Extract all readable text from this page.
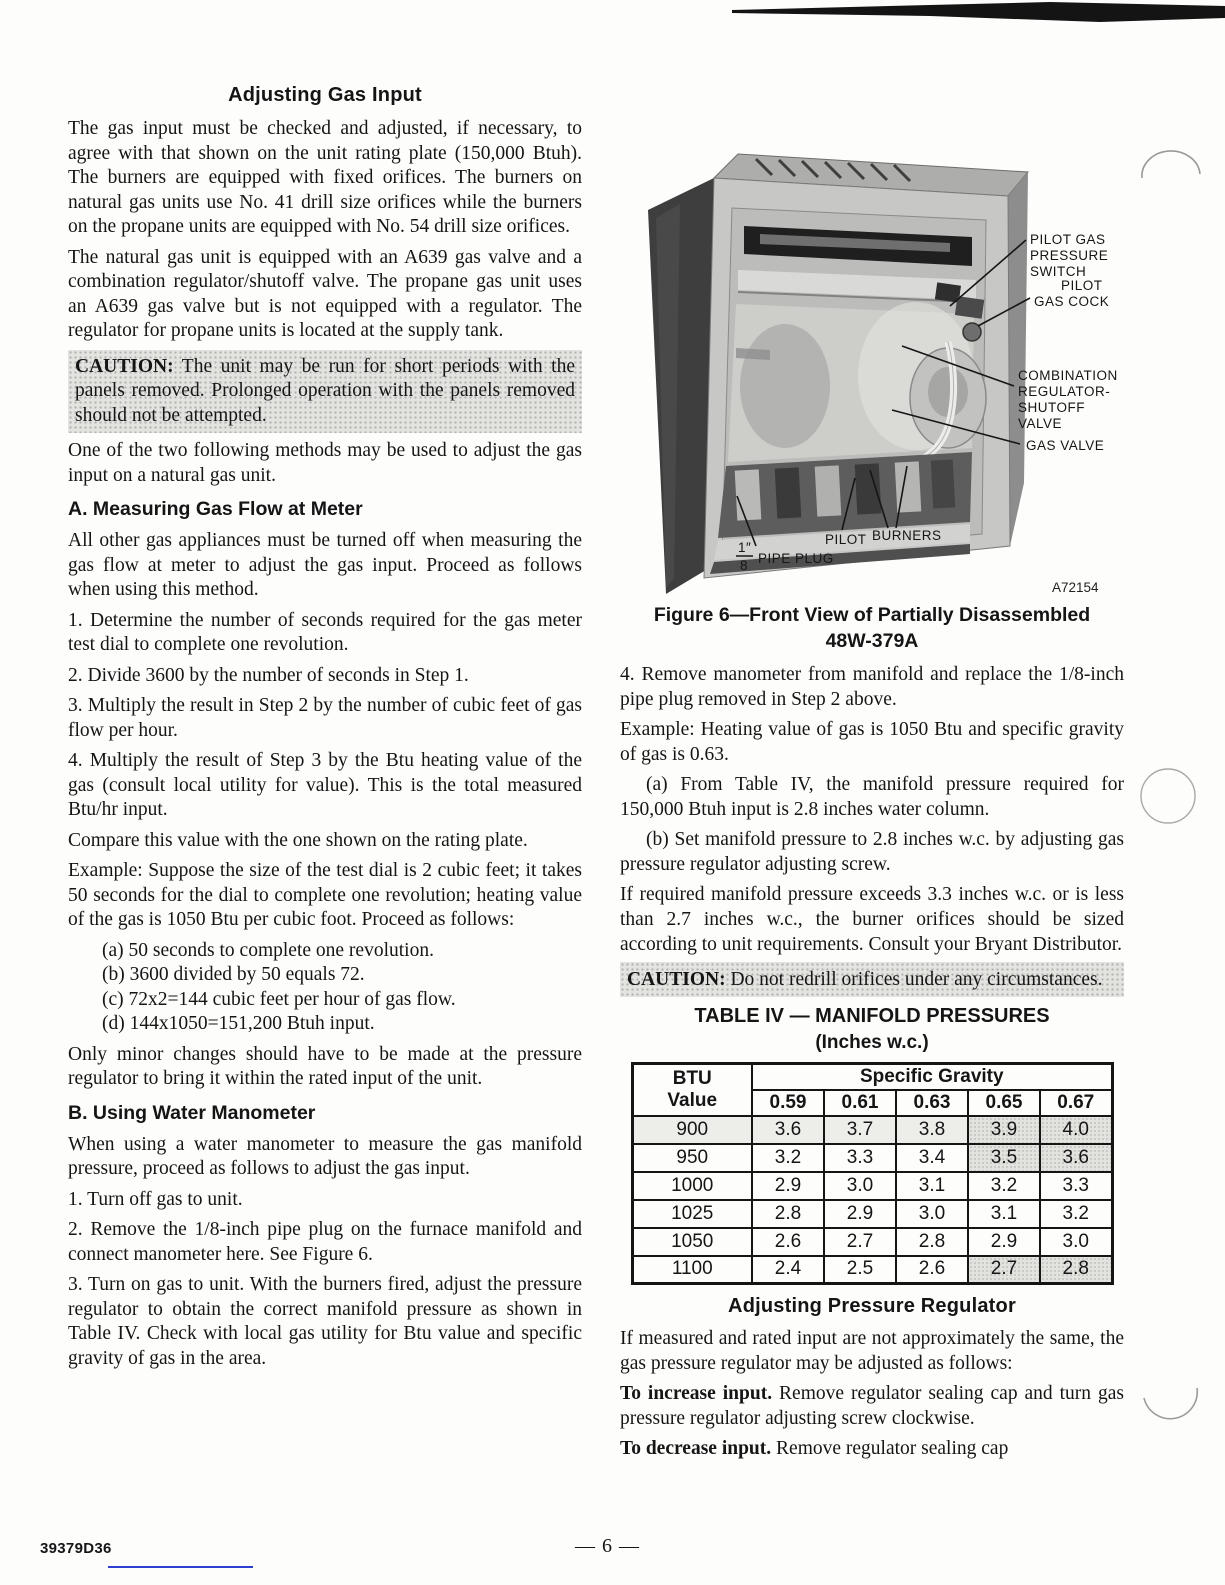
Adjusting Gas Input

The gas input must be checked and adjusted, if necessary, to agree with that shown on the unit rating plate (150,000 Btuh). The burners are equipped with fixed orifices. The burners on natural gas units use No. 41 drill size orifices while the burners on the propane units are equipped with No. 54 drill size orifices.

The natural gas unit is equipped with an A639 gas valve and a combination regulator/shutoff valve. The propane gas unit uses an A639 gas valve but is not equipped with a regulator. The regulator for propane units is located at the supply tank.

CAUTION: The unit may be run for short periods with the panels removed. Prolonged operation with the panels removed should not be attempted.

One of the two following methods may be used to adjust the gas input on a natural gas unit.

A. Measuring Gas Flow at Meter

All other gas appliances must be turned off when measuring the gas flow at meter to adjust the gas input. Proceed as follows when using this method.

1. Determine the number of seconds required for the gas meter test dial to complete one revolution.

2. Divide 3600 by the number of seconds in Step 1.

3. Multiply the result in Step 2 by the number of cubic feet of gas flow per hour.

4. Multiply the result of Step 3 by the Btu heating value of the gas (consult local utility for value). This is the total measured Btu/hr input.

Compare this value with the one shown on the rating plate.

Example: Suppose the size of the test dial is 2 cubic feet; it takes 50 seconds for the dial to complete one revolution; heating value of the gas is 1050 Btu per cubic foot. Proceed as follows:

(a) 50 seconds to complete one revolution.

(b) 3600 divided by 50 equals 72.

(c) 72x2=144 cubic feet per hour of gas flow.

(d) 144x1050=151,200 Btuh input.

Only minor changes should have to be made at the pressure regulator to bring it within the rated input of the unit.

B. Using Water Manometer

When using a water manometer to measure the gas manifold pressure, proceed as follows to adjust the gas input.

1. Turn off gas to unit.

2. Remove the 1/8-inch pipe plug on the furnace manifold and connect manometer here. See Figure 6.

3. Turn on gas to unit. With the burners fired, adjust the pressure regulator to obtain the correct manifold pressure as shown in Table IV. Check with local gas utility for Btu value and specific gravity of gas in the area.

PILOT GAS
PRESSURE
SWITCH
PILOT
GAS COCK
COMBINATION
REGULATOR-
SHUTOFF
VALVE
GAS VALVE
PILOT BURNERS
1″
8 PIPE PLUG
A72154
Figure 6—Front View of Partially Disassembled
48W-379A

4. Remove manometer from manifold and replace the 1/8-inch pipe plug removed in Step 2 above.

Example: Heating value of gas is 1050 Btu and specific gravity of gas is 0.63.

(a) From Table IV, the manifold pressure required for 150,000 Btuh input is 2.8 inches water column.

(b) Set manifold pressure to 2.8 inches w.c. by adjusting gas pressure regulator adjusting screw.

If required manifold pressure exceeds 3.3 inches w.c. or is less than 2.7 inches w.c., the burner orifices should be sized according to unit requirements. Consult your Bryant Distributor.

CAUTION: Do not redrill orifices under any circumstances.

TABLE IV — MANIFOLD PRESSURES
(Inches w.c.)
BTU
Value	Specific Gravity				
	0.59	0.61	0.63	0.65	0.67
900	3.6	3.7	3.8	3.9	4.0
950	3.2	3.3	3.4	3.5	3.6
1000	2.9	3.0	3.1	3.2	3.3
1025	2.8	2.9	3.0	3.1	3.2
1050	2.6	2.7	2.8	2.9	3.0
1100	2.4	2.5	2.6	2.7	2.8
Adjusting Pressure Regulator

If measured and rated input are not approximately the same, the gas pressure regulator may be adjusted as follows:

To increase input. Remove regulator sealing cap and turn gas pressure regulator adjusting screw clockwise.

To decrease input. Remove regulator sealing cap

39379D36	— 6 —
